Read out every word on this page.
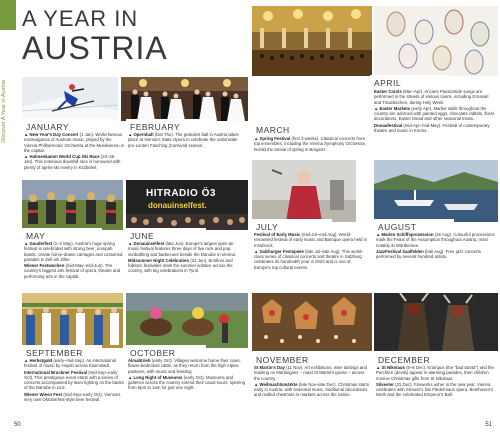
Discover A Year in Austria
A YEAR IN
AUSTRIA
JANUARY

▲ New Year's Day Concert (1 Jan). World-famous extravaganza of Austrian music, played by the Vienna Philharmonic Orchestra at the Musikverein in the capital.

▲ Hahnenkamm World Cup Ski Race (24–26 Jan). This notorious downhill race is honoured with plenty of après-ski revelry in Kitzbühel.

FEBRUARY

▲ Opernball (last Thu). The grandest ball in Austria takes place at Vienna's State Opera to celebrate the nationwide pre-Lenten Fasching (Carnival) season.

HITRADIO Ö3
donauinselfest.
MAY

▲ Gauderfest (1–2 May). Austria's huge spring festival is celebrated with strong beer, oompah bands, ornate horse-drawn carriages and costumed parades in Zell am Ziller.

Wiener Festwochen (mid-May–mid-Jun). The country's biggest arts festival of opera, theatre and performing arts in the capital.

JUNE

▲ Donauinselfest (late Jun). Europe's largest open-air music festival features three days of live rock and pop, sunbathing and barbecues beside the Danube in Vienna.

Midsummer Night Celebration (21 Jun). Bonfires and folkloric festivities mark the summer solstice across the country, with big celebrations in Tyrol.

SEPTEMBER

▲ Herbstgold (early–mid-Sep). An international festival of music by Haydn across Eisenstadt.

International Bruckner Festival (mid-Sep–early Oct). This prestigious event starts with a series of concerts accompanied by laser lighting on the banks of the Danube in Linz.

Wiener Wiesn Fest (mid-Sep–early Oct). Vienna's very own Oktoberfest-style beer festival.

OCTOBER

Almabtrieb (early Oct). Villages welcome home their cows, flower-bedecked cattle, as they return from the high Alpine pastures, with music and feasting.

▲ Long Night of Museums (early Oct). Museums and galleries across the country extend their usual hours, opening from 6pm to 1am for just one night.

50
MARCH

▲ Spring Festival (first 3 weeks). Classical concerts from top ensembles, including the Vienna Symphony Orchestra, herald the arrival of spring in Bregenz.

APRIL

Easter Carols (Mar–Apr). Ancient Passiontide songs are performed in the streets of various towns, including Grossarl and Traunkirchen, during Holy Week.

▲ Easter Markets (early Apr). Market stalls throughout the country are adorned with painted eggs, chocolate rabbits, floral decorations, Easter bread and other seasonal treats.

Donaufestival (mid-Apr–mid-May). Festival of contemporary theatre and music in Krems.

JULY

Festival of Early Music (mid-Jul–end Aug). World-renowned festival of early music and Baroque opera held in Innsbruck.

▲ Salzburger Festspiele (late Jul–late Aug). This world-class series of classical concerts and theatre in Salzburg celebrates its hundredth year in 2020 and is one of Europe's top cultural events.

AUGUST

▲ Marien Schiffsprozession (15 Aug). Colourful processions mark the Feast of the Assumption throughout Austria, most notably at Wörthersee.

JazzFestival Saalfelden (late Aug). Free jazz concerts performed by several hundred artists.

NOVEMBER

St Martin's Day (11 Nov). Art exhibitions, wine tastings and feasting on Martinigans – roast St Martin's goose – across the country.

▲ Weihnachtsmärkte (late Nov–late Dec). Christmas starts early in Austria, with seasonal music, traditional decorations and mulled chestnuts in markets across the nation.

DECEMBER

▲ St Nikolaus (5–6 Dec). Krampus (the "bad Santa") and the Perchten (devils) appear in alarming parades, then children receive Christmas gifts from St Nikolaus.

Silvester (31 Dec). Fireworks usher in the new year. Vienna celebrates with Strauss's Die Fledermaus opera, Beethoven's Ninth and the celebrated Emperor's Ball.

51
